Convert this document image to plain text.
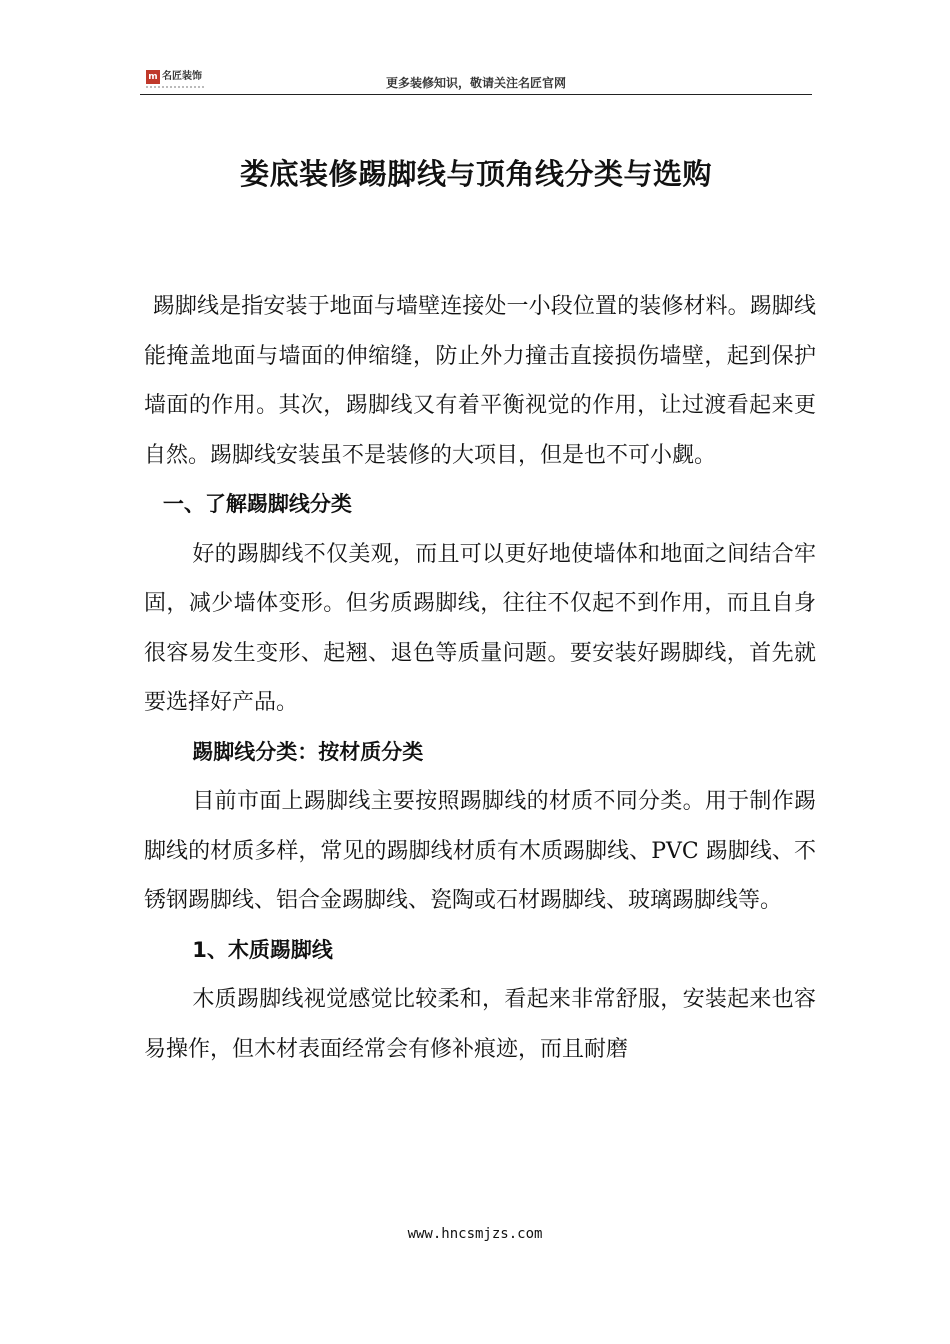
m 名匠装饰	更多装修知识，敬请关注名匠官网
娄底装修踢脚线与顶角线分类与选购

踢脚线是指安装于地面与墙壁连接处一小段位置的装修材料。踢脚线能掩盖地面与墙面的伸缩缝，防止外力撞击直接损伤墙壁，起到保护墙面的作用。其次，踢脚线又有着平衡视觉的作用，让过渡看起来更自然。踢脚线安装虽不是装修的大项目，但是也不可小觑。

一、了解踢脚线分类

好的踢脚线不仅美观，而且可以更好地使墙体和地面之间结合牢固，减少墙体变形。但劣质踢脚线，往往不仅起不到作用，而且自身很容易发生变形、起翘、退色等质量问题。要安装好踢脚线，首先就要选择好产品。

踢脚线分类：按材质分类

目前市面上踢脚线主要按照踢脚线的材质不同分类。用于制作踢脚线的材质多样，常见的踢脚线材质有木质踢脚线、PVC 踢脚线、不锈钢踢脚线、铝合金踢脚线、瓷陶或石材踢脚线、玻璃踢脚线等。

1、木质踢脚线

木质踢脚线视觉感觉比较柔和，看起来非常舒服，安装起来也容易操作，但木材表面经常会有修补痕迹，而且耐磨

www.hncsmjzs.com
